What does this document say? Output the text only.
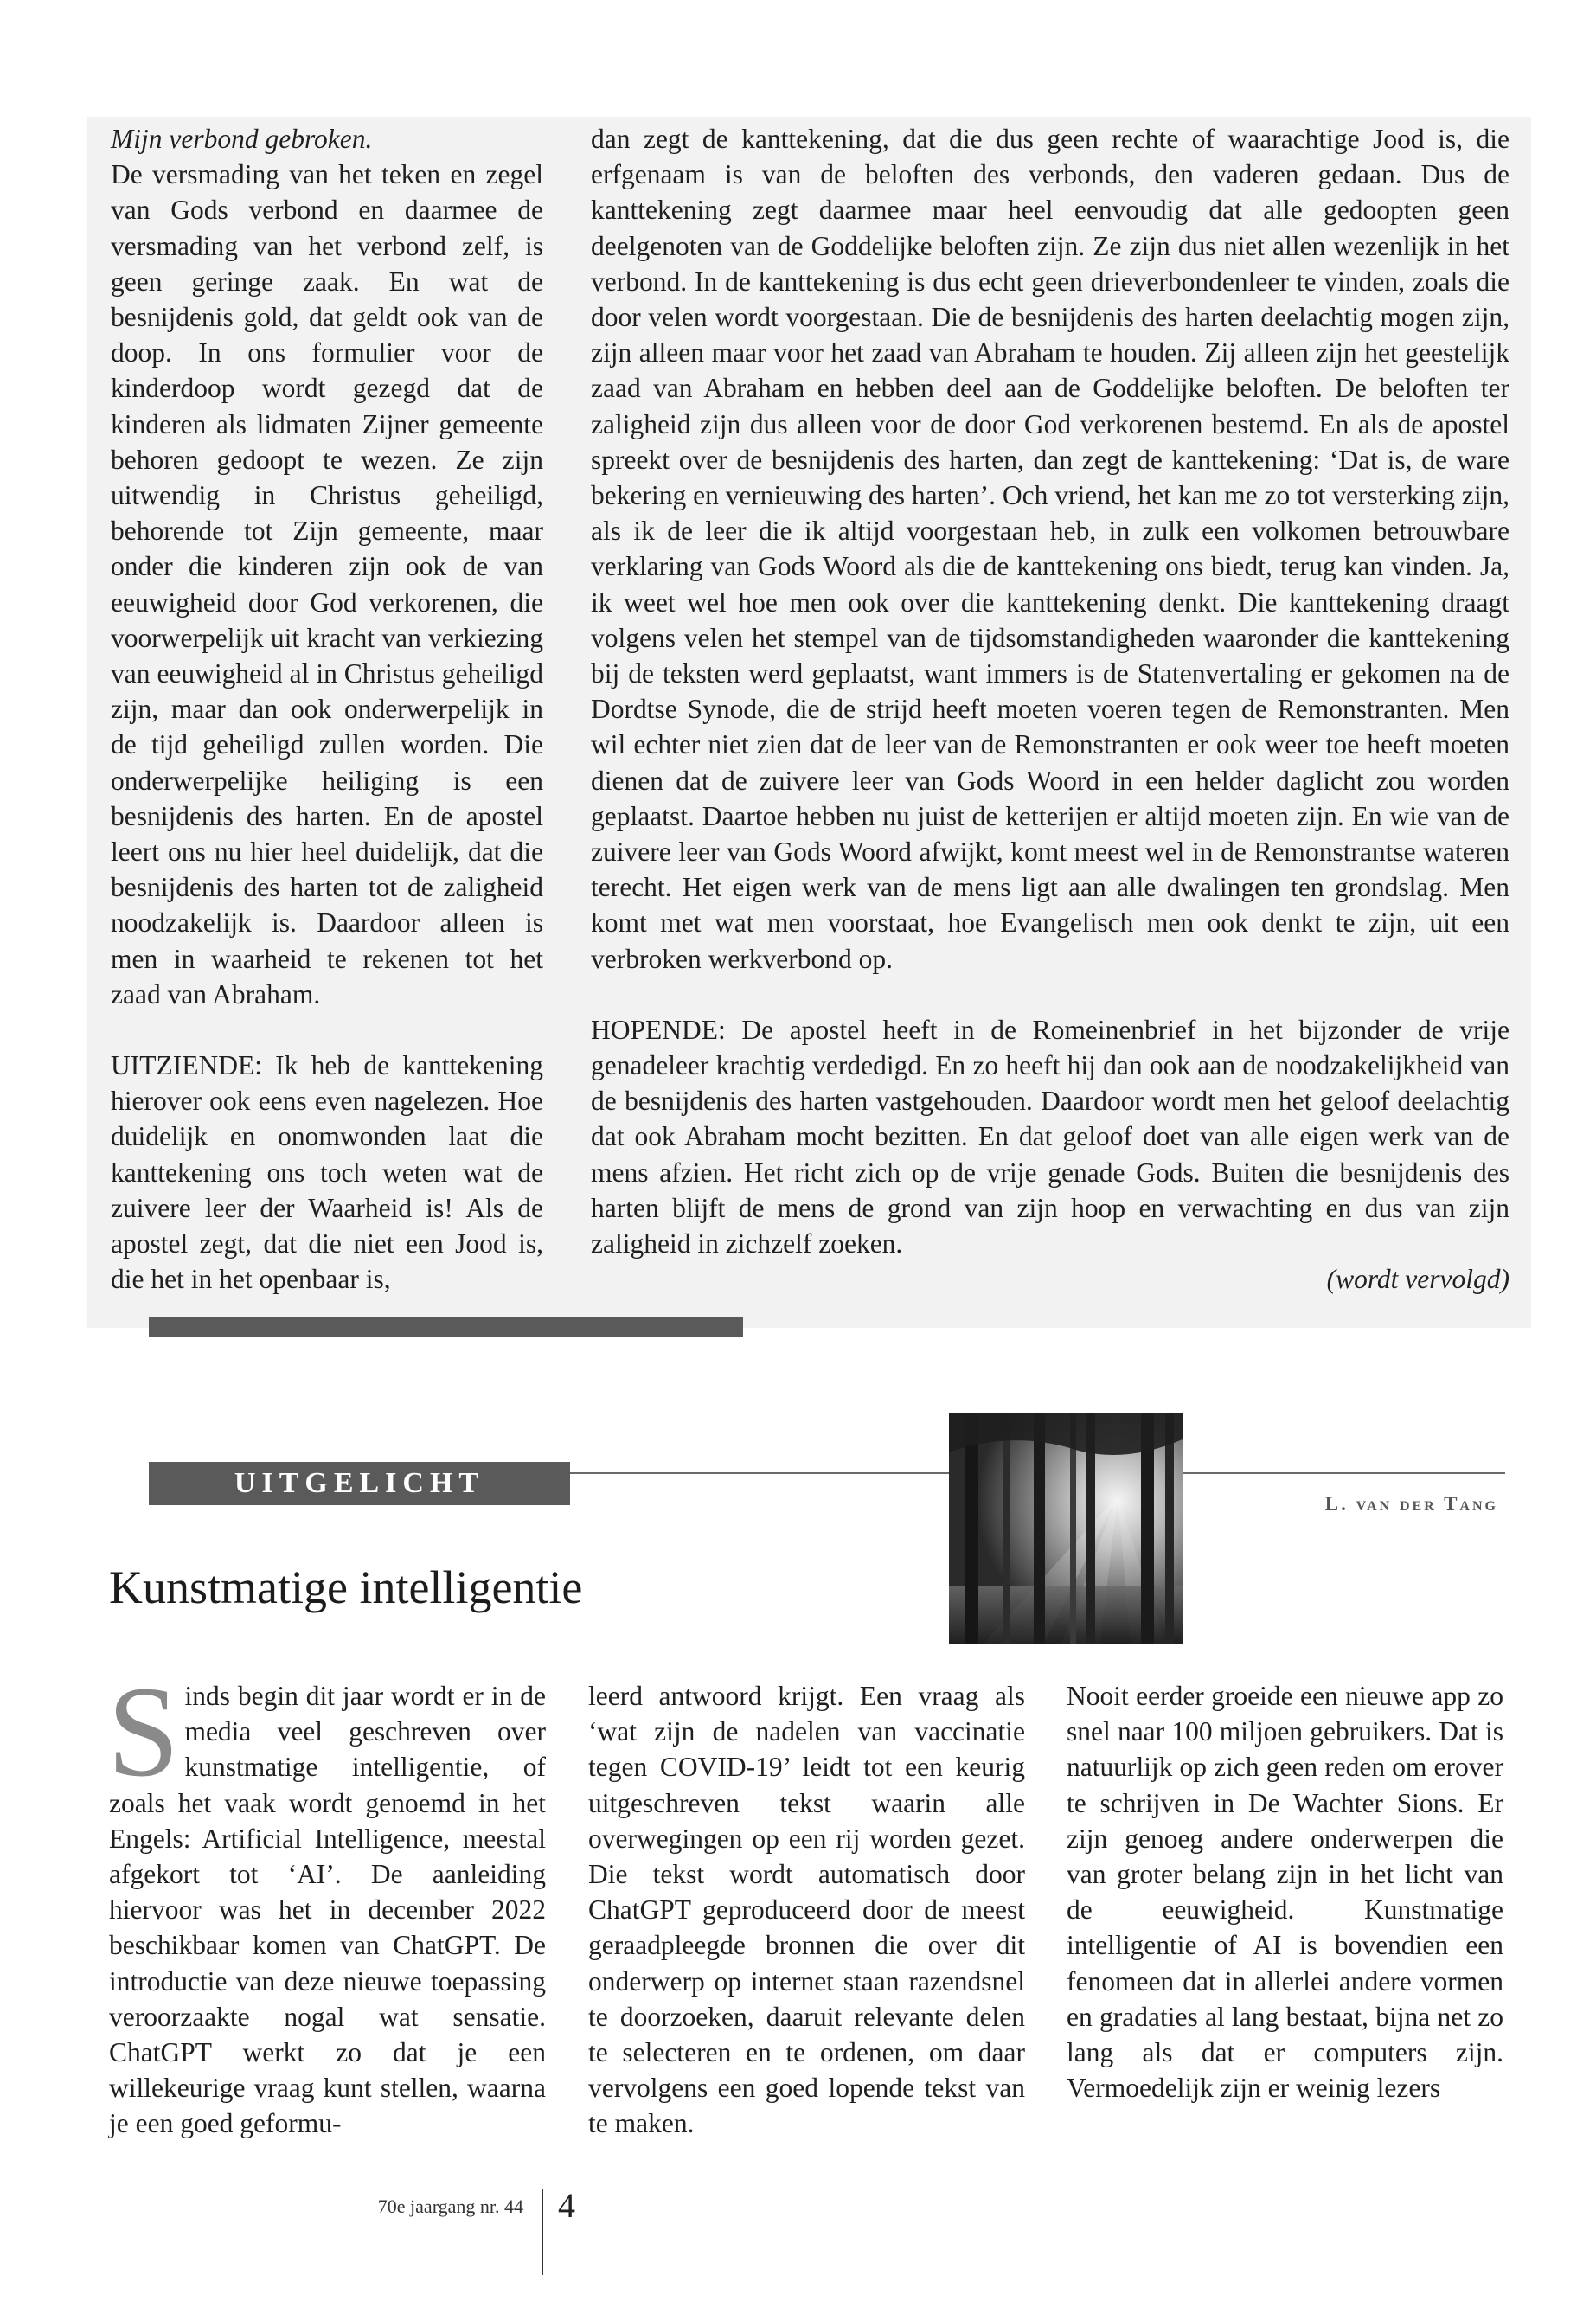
Mijn verbond gebroken.

De versmading van het teken en zegel van Gods verbond en daarmee de versmading van het verbond zelf, is geen geringe zaak. En wat de besnijdenis gold, dat geldt ook van de doop. In ons formulier voor de kinderdoop wordt gezegd dat de kinderen als lidmaten Zijner gemeente behoren gedoopt te wezen. Ze zijn uitwendig in Christus geheiligd, behorende tot Zijn gemeente, maar onder die kinderen zijn ook de van eeuwigheid door God verkorenen, die voorwerpelijk uit kracht van verkiezing van eeuwigheid al in Christus geheiligd zijn, maar dan ook onderwerpelijk in de tijd geheiligd zullen worden. Die onderwerpelijke heiliging is een besnijdenis des harten. En de apostel leert ons nu hier heel duidelijk, dat die besnijdenis des harten tot de zaligheid noodzakelijk is. Daardoor alleen is men in waarheid te rekenen tot het zaad van Abraham.

UITZIENDE: Ik heb de kanttekening hierover ook eens even nagelezen. Hoe duidelijk en onomwonden laat die kanttekening ons toch weten wat de zuivere leer der Waarheid is! Als de apostel zegt, dat die niet een Jood is, die het in het openbaar is,

dan zegt de kanttekening, dat die dus geen rechte of waarachtige Jood is, die erfgenaam is van de beloften des verbonds, den vaderen gedaan. Dus de kanttekening zegt daarmee maar heel eenvoudig dat alle gedoopten geen deelgenoten van de Goddelijke beloften zijn. Ze zijn dus niet allen wezenlijk in het verbond. In de kanttekening is dus echt geen drieverbondenleer te vinden, zoals die door velen wordt voorgestaan. Die de besnijdenis des harten deelachtig mogen zijn, zijn alleen maar voor het zaad van Abraham te houden. Zij alleen zijn het geestelijk zaad van Abraham en hebben deel aan de Goddelijke beloften. De beloften ter zaligheid zijn dus alleen voor de door God verkorenen bestemd. En als de apostel spreekt over de besnijdenis des harten, dan zegt de kanttekening: ‘Dat is, de ware bekering en vernieuwing des harten’. Och vriend, het kan me zo tot versterking zijn, als ik de leer die ik altijd voorgestaan heb, in zulk een volkomen betrouwbare verklaring van Gods Woord als die de kanttekening ons biedt, terug kan vinden. Ja, ik weet wel hoe men ook over die kanttekening denkt. Die kanttekening draagt volgens velen het stempel van de tijdsomstandigheden waaronder die kanttekening bij de teksten werd geplaatst, want immers is de Statenvertaling er gekomen na de Dordtse Synode, die de strijd heeft moeten voeren tegen de Remonstranten. Men wil echter niet zien dat de leer van de Remonstranten er ook weer toe heeft moeten dienen dat de zuivere leer van Gods Woord in een helder daglicht zou worden geplaatst. Daartoe hebben nu juist de ketterijen er altijd moeten zijn. En wie van de zuivere leer van Gods Woord afwijkt, komt meest wel in de Remonstrantse wateren terecht. Het eigen werk van de mens ligt aan alle dwalingen ten grondslag. Men komt met wat men voorstaat, hoe Evangelisch men ook denkt te zijn, uit een verbroken werkverbond op.

HOPENDE: De apostel heeft in de Romeinenbrief in het bijzonder de vrije genadeleer krachtig verdedigd. En zo heeft hij dan ook aan de noodzakelijkheid van de besnijdenis des harten vastgehouden. Daardoor wordt men het geloof deelachtig dat ook Abraham mocht bezitten. En dat geloof doet van alle eigen werk van de mens afzien. Het richt zich op de vrije genade Gods. Buiten die besnijdenis des harten blijft de mens de grond van zijn hoop en verwachting en dus van zijn zaligheid in zichzelf zoeken.

(wordt vervolgd)
UITGELICHT
L. van der Tang
Kunstmatige intelligentie
Sinds begin dit jaar wordt er in de media veel geschreven over kunstmatige intelligentie, of zoals het vaak wordt genoemd in het Engels: Artificial Intelligence, meestal afgekort tot ‘AI’. De aanleiding hiervoor was het in december 2022 beschikbaar komen van ChatGPT. De introductie van deze nieuwe toepassing veroorzaakte nogal wat sensatie. ChatGPT werkt zo dat je een willekeurige vraag kunt stellen, waarna je een goed geformu-
leerd antwoord krijgt. Een vraag als ‘wat zijn de nadelen van vaccinatie tegen COVID-19’ leidt tot een keurig uitgeschreven tekst waarin alle overwegingen op een rij worden gezet. Die tekst wordt automatisch door ChatGPT geproduceerd door de meest geraadpleegde bronnen die over dit onderwerp op internet staan razendsnel te doorzoeken, daaruit relevante delen te selecteren en te ordenen, om daar vervolgens een goed lopende tekst van te maken.
Nooit eerder groeide een nieuwe app zo snel naar 100 miljoen gebruikers. Dat is natuurlijk op zich geen reden om erover te schrijven in De Wachter Sions. Er zijn genoeg andere onderwerpen die van groter belang zijn in het licht van de eeuwigheid. Kunstmatige intelligentie of AI is bovendien een fenomeen dat in allerlei andere vormen en gradaties al lang bestaat, bijna net zo lang als dat er computers zijn. Vermoedelijk zijn er weinig lezers
70e jaargang nr. 44 4
